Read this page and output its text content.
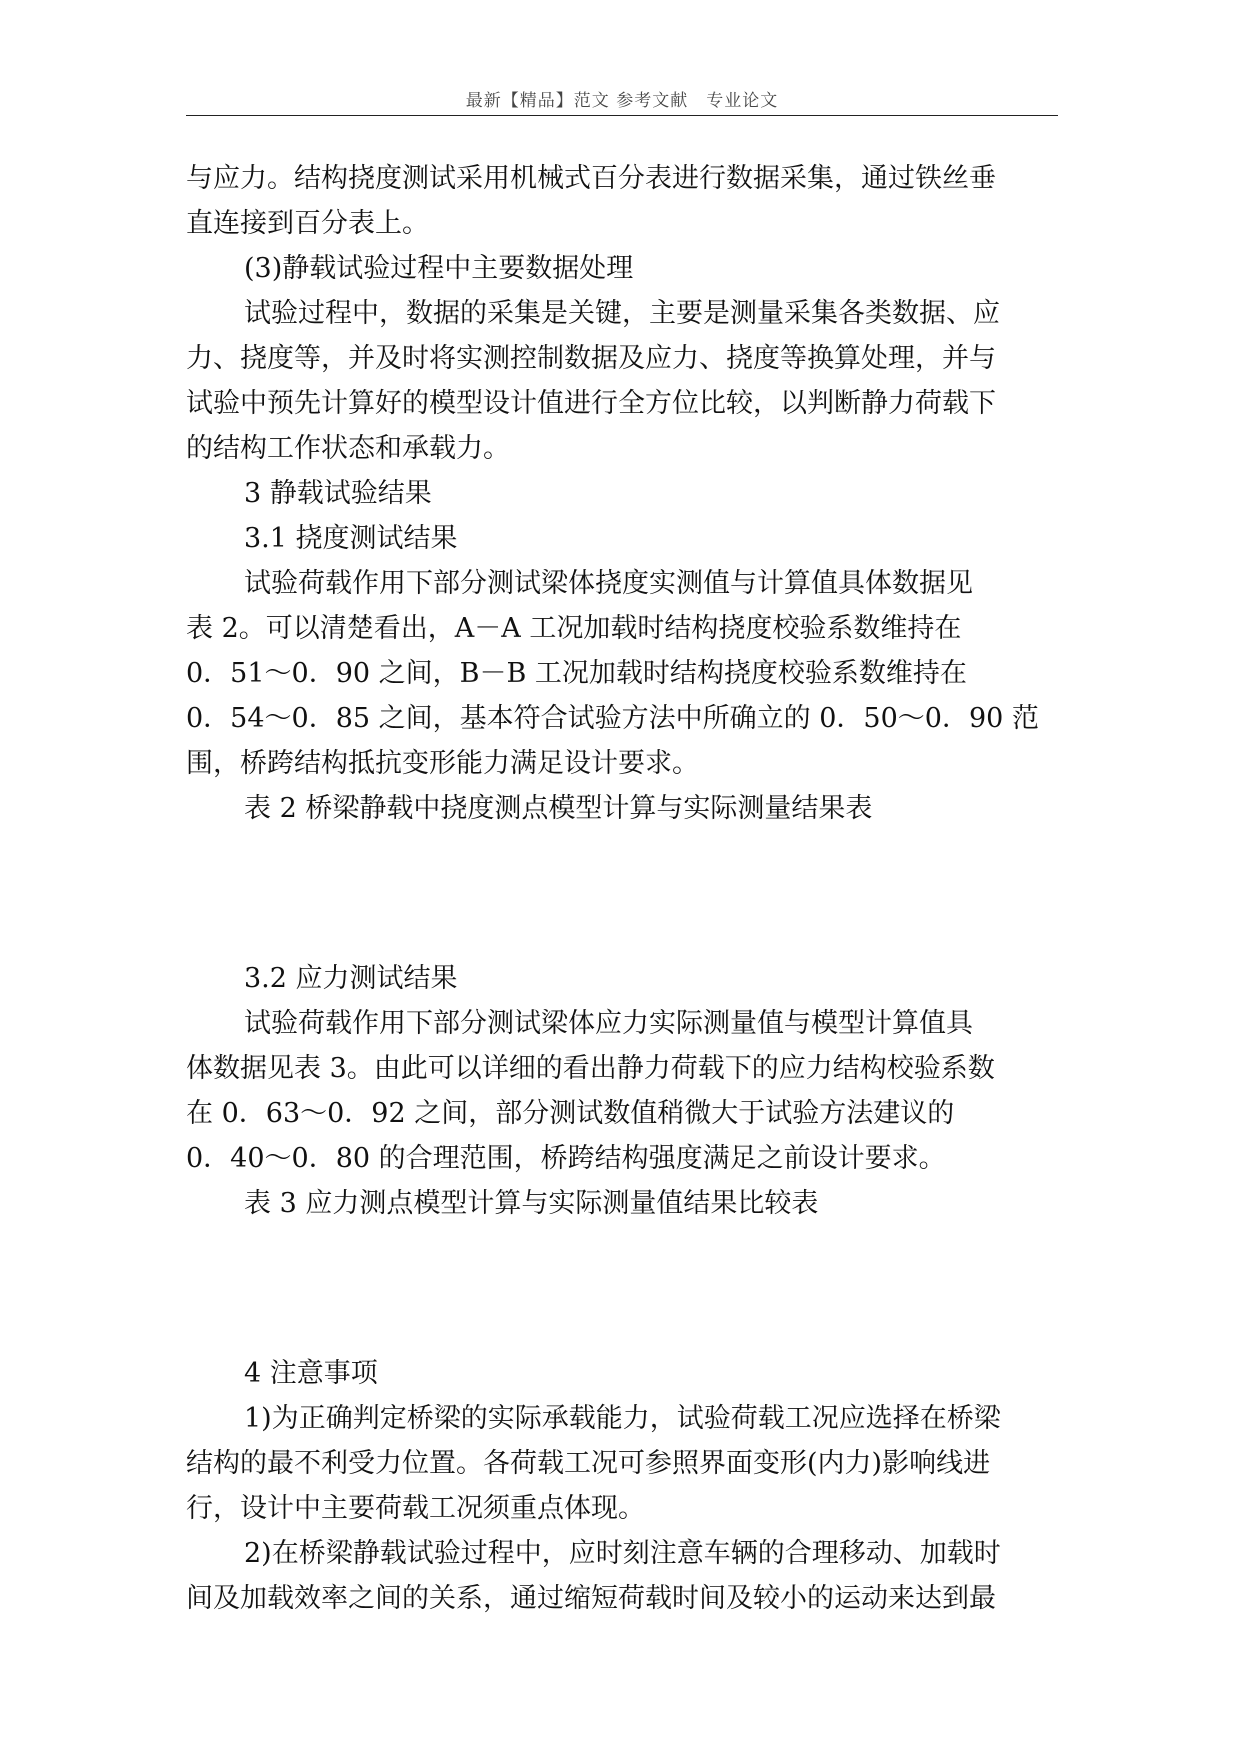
最新【精品】范文 参考文献　专业论文
与应力。结构挠度测试采用机械式百分表进行数据采集，通过铁丝垂
直连接到百分表上。
(3)静载试验过程中主要数据处理
试验过程中，数据的采集是关键，主要是测量采集各类数据、应
力、挠度等，并及时将实测控制数据及应力、挠度等换算处理，并与
试验中预先计算好的模型设计值进行全方位比较，以判断静力荷载下
的结构工作状态和承载力。
3 静载试验结果
3.1 挠度测试结果
试验荷载作用下部分测试梁体挠度实测值与计算值具体数据见
表 2。可以清楚看出，A－A 工况加载时结构挠度校验系数维持在
0．51～0．90 之间，B－B 工况加载时结构挠度校验系数维持在
0．54～0．85 之间，基本符合试验方法中所确立的 0．50～0．90 范
围，桥跨结构抵抗变形能力满足设计要求。
表 2 桥梁静载中挠度测点模型计算与实际测量结果表
3.2 应力测试结果
试验荷载作用下部分测试梁体应力实际测量值与模型计算值具
体数据见表 3。由此可以详细的看出静力荷载下的应力结构校验系数
在 0．63～0．92 之间，部分测试数值稍微大于试验方法建议的
0．40～0．80 的合理范围，桥跨结构强度满足之前设计要求。
表 3 应力测点模型计算与实际测量值结果比较表
4 注意事项
1)为正确判定桥梁的实际承载能力，试验荷载工况应选择在桥梁
结构的最不利受力位置。各荷载工况可参照界面变形(内力)影响线进
行，设计中主要荷载工况须重点体现。
2)在桥梁静载试验过程中，应时刻注意车辆的合理移动、加载时
间及加载效率之间的关系，通过缩短荷载时间及较小的运动来达到最
